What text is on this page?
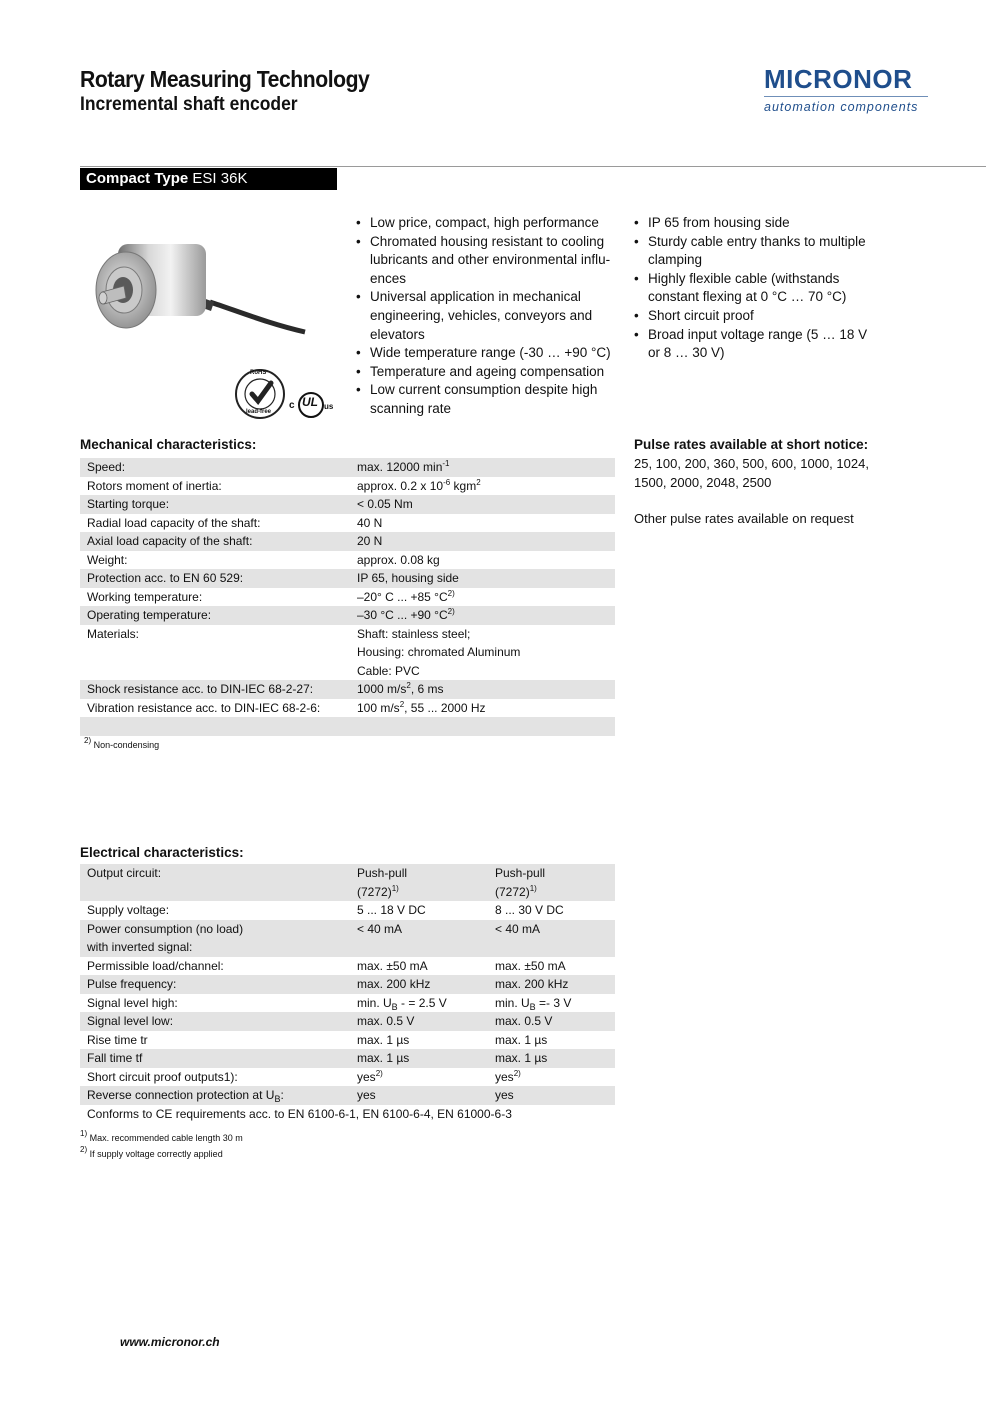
Rotary Measuring Technology
Incremental shaft encoder
MICRONOR
automation components
Compact Type ESI 36K
RoHS
lead-free
c UL us
• Low price, compact, high performance
• Chromated housing resistant to cooling lubricants and other environmental influ- ences
• Universal application in mechanical engineering, vehicles, conveyors and elevators
• Wide temperature range (-30 … +90 °C)
• Temperature and ageing compensation
• Low current consumption despite high scanning rate
• IP 65 from housing side
• Sturdy cable entry thanks to multiple clamping
• Highly flexible cable (withstands constant flexing at 0 °C … 70 °C)
• Short circuit proof
• Broad input voltage range (5 … 18 V or 8 … 30 V)
Mechanical characteristics:
Speed:	max. 12000 $\min^{-1}$
Rotors moment of inertia:	approx. 0.2 x $10^{-6}$ kgm$^2$
Starting torque:	< 0.05 Nm
Radial load capacity of the shaft:	40 N
Axial load capacity of the shaft:	20 N
Weight:	approx. 0.08 kg
Protection acc. to EN 60 529:	IP 65, housing side
Working temperature:	–20° C ... +85 $^\circ C^{2)}$
Operating temperature:	–30 °C ... +90 $^\circ C^{2)}$
Materials:	Shaft: stainless steel;
	Housing: chromated Aluminum
	Cable: PVC
Shock resistance acc. to DIN-IEC 68-2-27:	1000 $m/s^2$, 6 ms
Vibration resistance acc. to DIN-IEC 68-2-6:	100 $m/s^2$, 55 ... 2000 Hz

$^{2)}$ Non-condensing
Pulse rates available at short notice:
25, 100, 200, 360, 500, 600, 1000, 1024, 1500, 2000, 2048, 2500
Other pulse rates available on request
Electrical characteristics:
Output circuit:	Push-pull	Push-pull
	$(7272)^{1)}$	$(7272)^{1)}$
Supply voltage:	5 ... 18 V DC	8 ... 30 V DC
Power consumption (no load)	< 40 mA	< 40 mA
with inverted signal:		
Permissible load/channel:	max. ±50 mA	max. ±50 mA
Pulse frequency:	max. 200 kHz	max. 200 kHz
Signal level high:	min. $U_B$ - = 2.5 V	min. $U_B =- 3$ V
Signal level low:	max. 0.5 V	max. 0.5 V
Rise time tr	max. 1 µs	max. 1 µs
Fall time tf	max. 1 µs	max. 1 µs
Short circuit proof outputs1):	yes$^{2)}$	yes$^{2)}$
Reverse connection protection at $U_B$:	yes	yes
Conforms to CE requirements acc. to EN 6100-6-1, EN 6100-6-4, EN 61000-6-3		
$^{1)}$ Max. recommended cable length 30 m
$^{2)}$ If supply voltage correctly applied
www.micronor.ch
